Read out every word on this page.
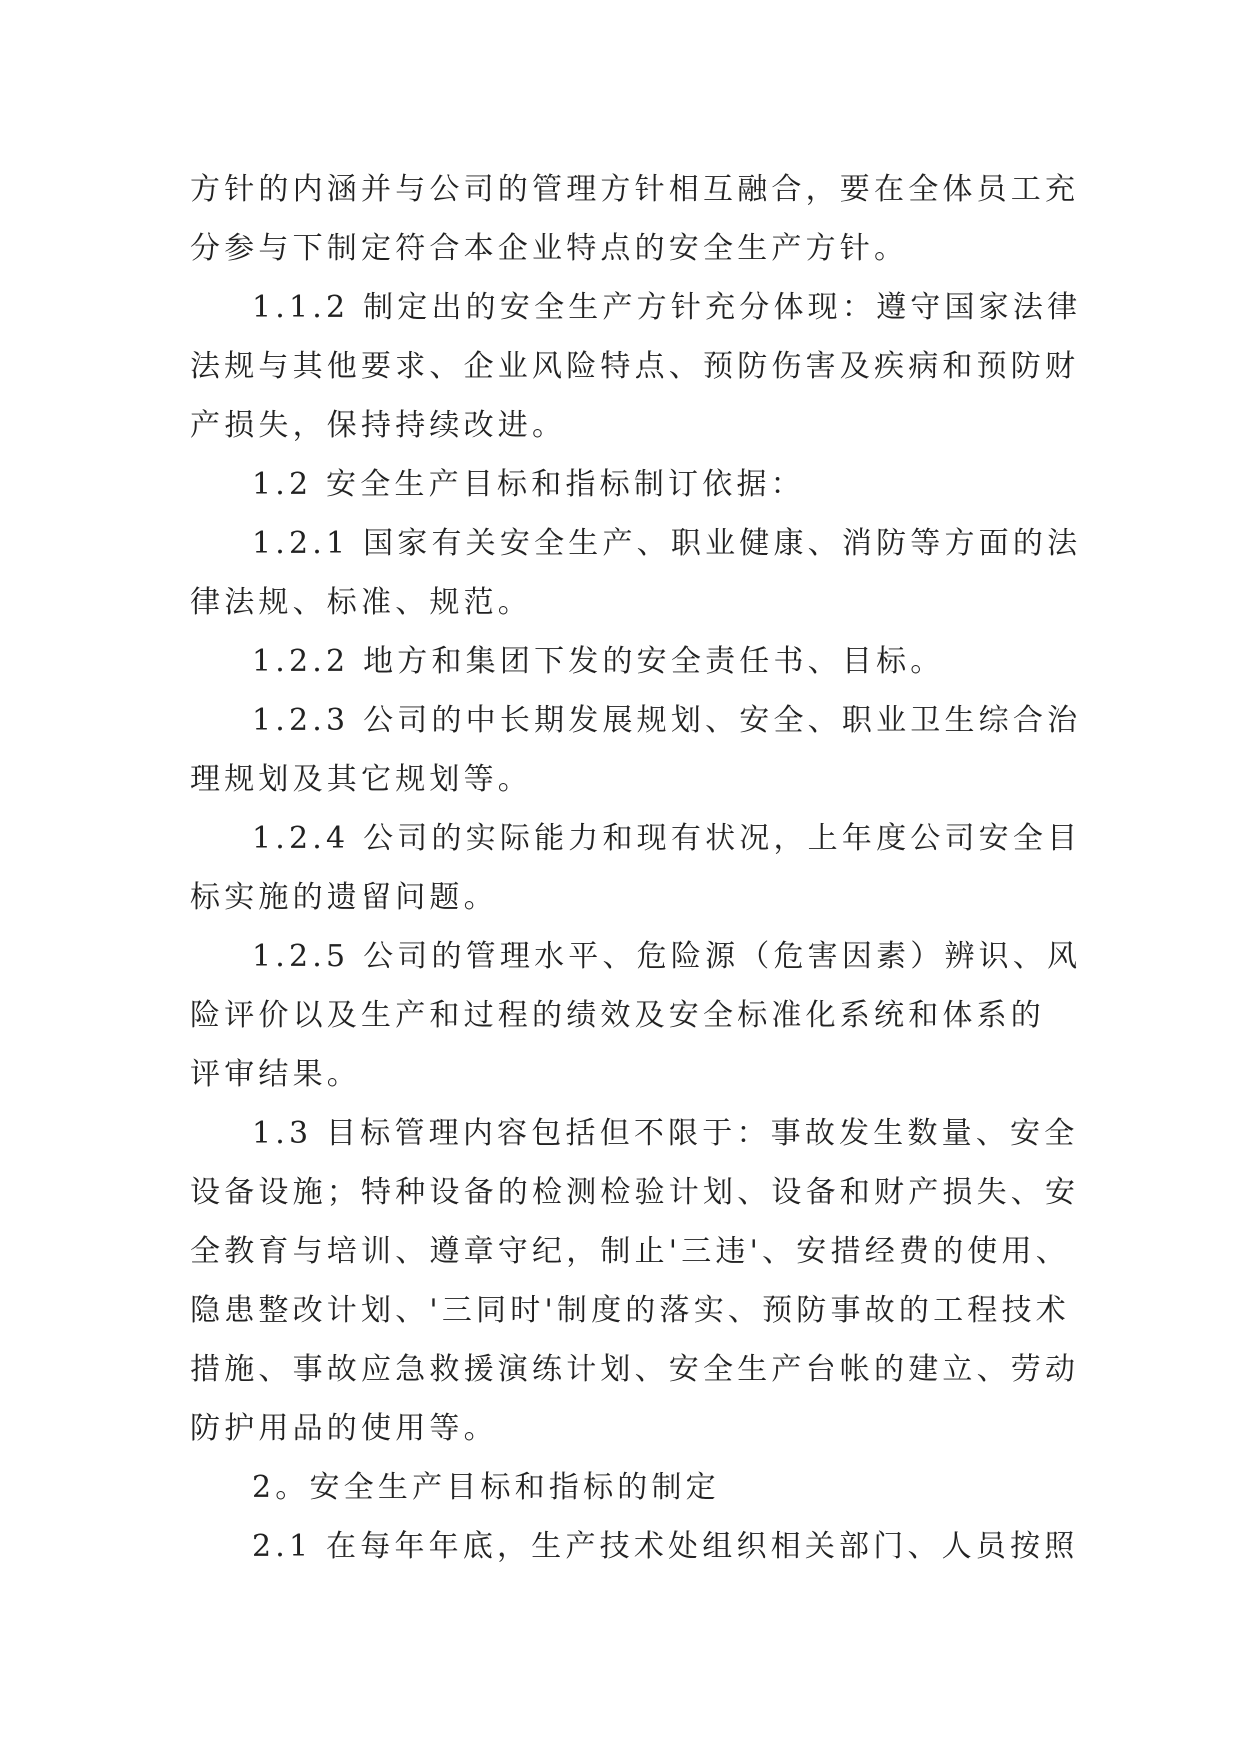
方针的内涵并与公司的管理方针相互融合，要在全体员工充
分参与下制定符合本企业特点的安全生产方针。
1.1.2 制定出的安全生产方针充分体现：遵守国家法律
法规与其他要求、企业风险特点、预防伤害及疾病和预防财
产损失，保持持续改进。
1.2 安全生产目标和指标制订依据：
1.2.1 国家有关安全生产、职业健康、消防等方面的法
律法规、标准、规范。
1.2.2 地方和集团下发的安全责任书、目标。
1.2.3 公司的中长期发展规划、安全、职业卫生综合治
理规划及其它规划等。
1.2.4 公司的实际能力和现有状况，上年度公司安全目
标实施的遗留问题。
1.2.5 公司的管理水平、危险源（危害因素）辨识、风
险评价以及生产和过程的绩效及安全标准化系统和体系的
评审结果。
1.3 目标管理内容包括但不限于：事故发生数量、安全
设备设施；特种设备的检测检验计划、设备和财产损失、安
全教育与培训、遵章守纪，制止'三违'、安措经费的使用、
隐患整改计划、'三同时'制度的落实、预防事故的工程技术
措施、事故应急救援演练计划、安全生产台帐的建立、劳动
防护用品的使用等。
2。安全生产目标和指标的制定
2.1 在每年年底，生产技术处组织相关部门、人员按照
